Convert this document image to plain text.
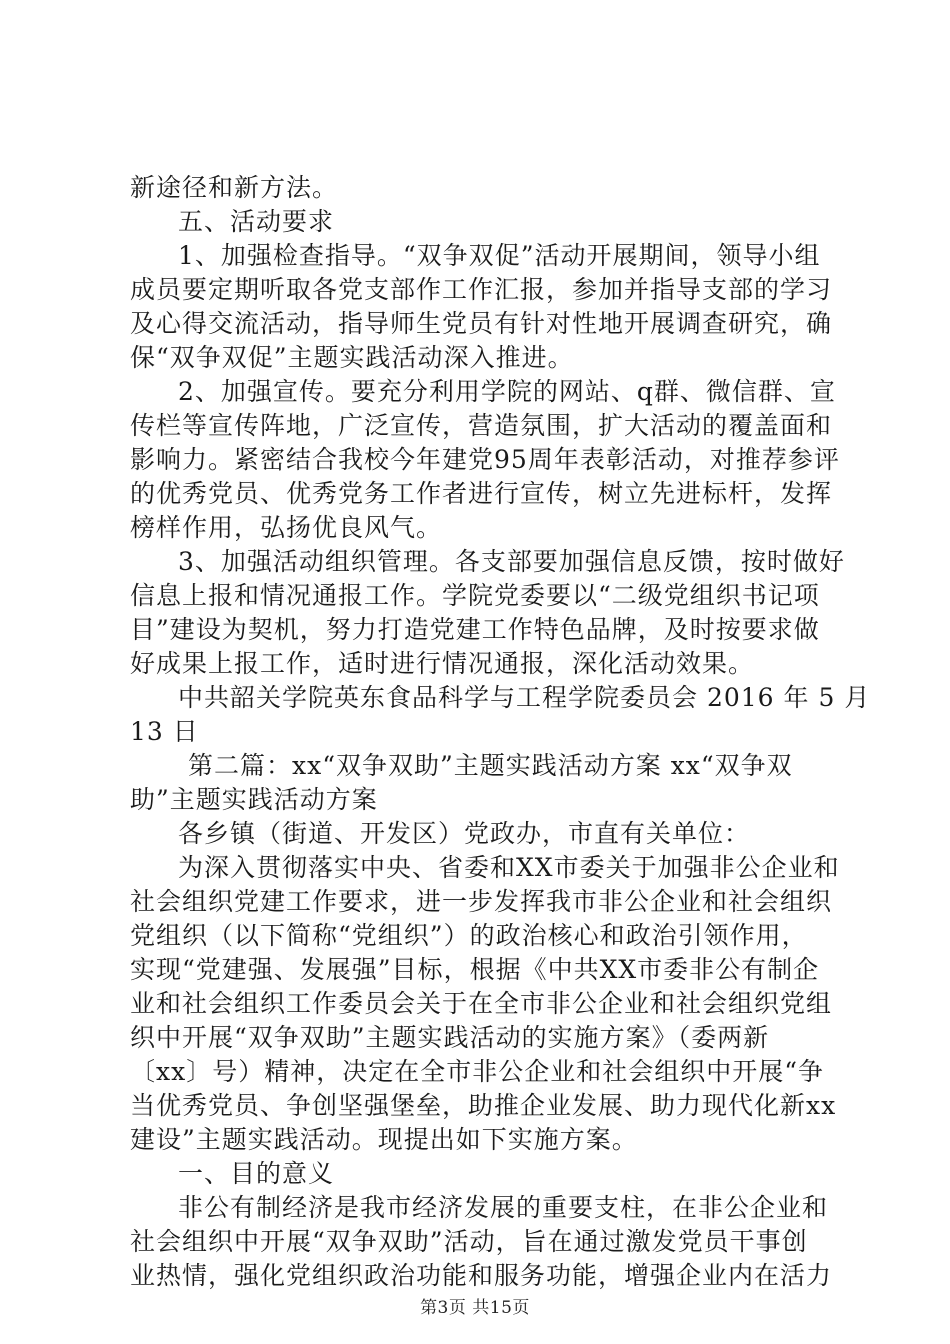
新途径和新方法。
五、活动要求
1、加强检查指导。“双争双促”活动开展期间，领导小组
成员要定期听取各党支部作工作汇报，参加并指导支部的学习
及心得交流活动，指导师生党员有针对性地开展调查研究，确
保“双争双促”主题实践活动深入推进。
2、加强宣传。要充分利用学院的网站、q群、微信群、宣
传栏等宣传阵地，广泛宣传，营造氛围，扩大活动的覆盖面和
影响力。紧密结合我校今年建党95周年表彰活动，对推荐参评
的优秀党员、优秀党务工作者进行宣传，树立先进标杆，发挥
榜样作用，弘扬优良风气。
3、加强活动组织管理。各支部要加强信息反馈，按时做好
信息上报和情况通报工作。学院党委要以“二级党组织书记项
目”建设为契机，努力打造党建工作特色品牌，及时按要求做
好成果上报工作，适时进行情况通报，深化活动效果。
中共韶关学院英东食品科学与工程学院委员会 2016 年 5 月
13 日
第二篇：xx“双争双助”主题实践活动方案 xx“双争双
助”主题实践活动方案
各乡镇（街道、开发区）党政办，市直有关单位：
为深入贯彻落实中央、省委和XX市委关于加强非公企业和
社会组织党建工作要求，进一步发挥我市非公企业和社会组织
党组织（以下简称“党组织”）的政治核心和政治引领作用，
实现“党建强、发展强”目标，根据《中共XX市委非公有制企
业和社会组织工作委员会关于在全市非公企业和社会组织党组
织中开展“双争双助”主题实践活动的实施方案》（委两新
〔xx〕号）精神，决定在全市非公企业和社会组织中开展“争
当优秀党员、争创坚强堡垒，助推企业发展、助力现代化新xx
建设”主题实践活动。现提出如下实施方案。
一、目的意义
非公有制经济是我市经济发展的重要支柱，在非公企业和
社会组织中开展“双争双助”活动，旨在通过激发党员干事创
业热情，强化党组织政治功能和服务功能，增强企业内在活力
第3页 共15页
